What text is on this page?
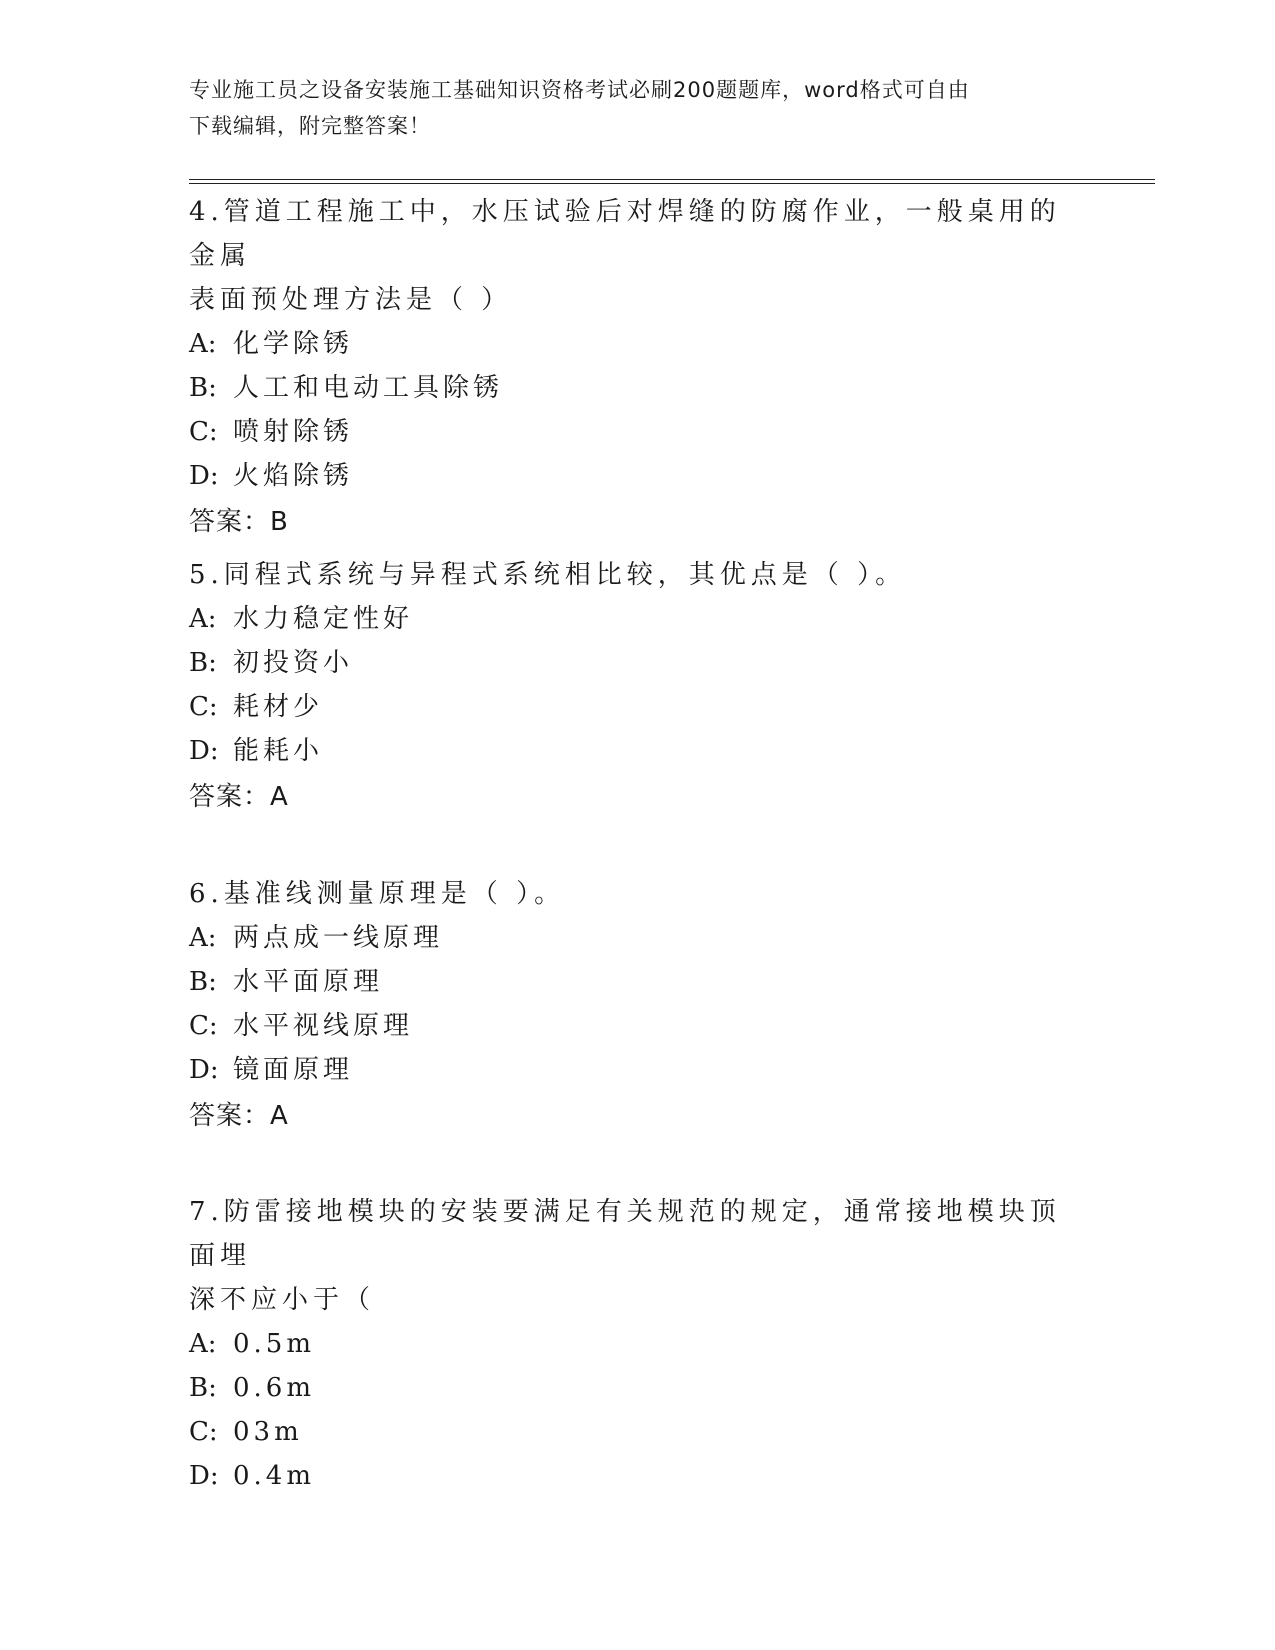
专业施工员之设备安装施工基础知识资格考试必刷200题题库，word格式可自由
下载编辑，附完整答案！

4.管道工程施工中，水压试验后对焊缝的防腐作业，一般桌用的金属

表面预处理方法是（ ）

A: 化学除锈

B: 人工和电动工具除锈

C: 喷射除锈

D: 火焰除锈

答案：B

5.同程式系统与异程式系统相比较，其优点是（ ）。

A: 水力稳定性好

B: 初投资小

C: 耗材少

D: 能耗小

答案：A

6.基准线测量原理是（ ）。

A: 两点成一线原理

B: 水平面原理

C: 水平视线原理

D: 镜面原理

答案：A

7.防雷接地模块的安装要满足有关规范的规定，通常接地模块顶面埋

深不应小于（

A: 0.5m

B: 0.6m

C: 03m

D: 0.4m
